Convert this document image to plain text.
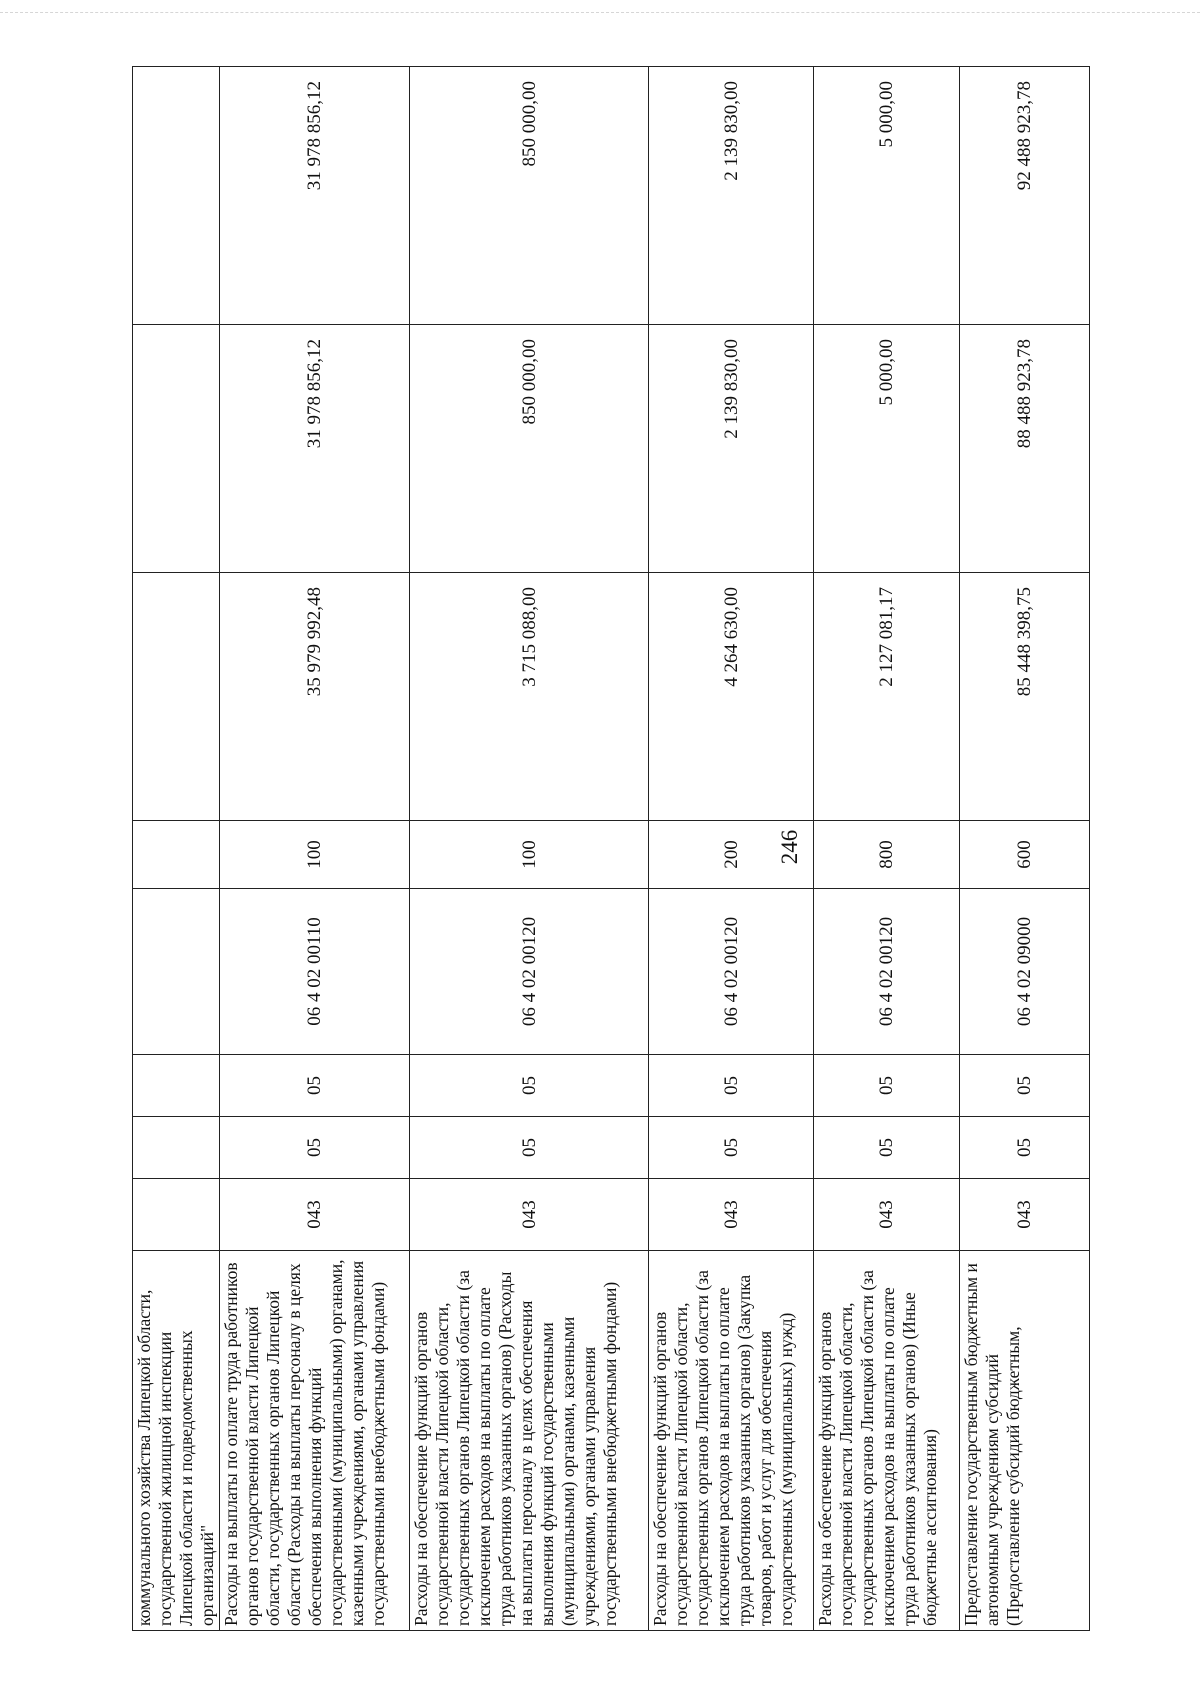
246
коммунального хозяйства Липецкой области, государственной жилищной инспекции Липецкой области и подведомственных организаций"								
Расходы на выплаты по оплате труда работников органов государственной власти Липецкой области, государственных органов Липецкой области (Расходы на выплаты персоналу в целях обеспечения выполнения функций государственными (муниципальными) органами, казенными учреждениями, органами управления государственными внебюджетными фондами)	043	05	05	06 4 02 00110	100	35 979 992,48	31 978 856,12	31 978 856,12
Расходы на обеспечение функций органов государственной власти Липецкой области, государственных органов Липецкой области (за исключением расходов на выплаты по оплате труда работников указанных органов) (Расходы на выплаты персоналу в целях обеспечения выполнения функций государственными (муниципальными) органами, казенными учреждениями, органами управления государственными внебюджетными фондами)	043	05	05	06 4 02 00120	100	3 715 088,00	850 000,00	850 000,00
Расходы на обеспечение функций органов государственной власти Липецкой области, государственных органов Липецкой области (за исключением расходов на выплаты по оплате труда работников указанных органов) (Закупка товаров, работ и услуг для обеспечения государственных (муниципальных) нужд)	043	05	05	06 4 02 00120	200	4 264 630,00	2 139 830,00	2 139 830,00
Расходы на обеспечение функций органов государственной власти Липецкой области, государственных органов Липецкой области (за исключением расходов на выплаты по оплате труда работников указанных органов) (Иные бюджетные ассигнования)	043	05	05	06 4 02 00120	800	2 127 081,17	5 000,00	5 000,00
Предоставление государственным бюджетным и автономным учреждениям субсидий (Предоставление субсидий бюджетным,	043	05	05	06 4 02 09000	600	85 448 398,75	88 488 923,78	92 488 923,78
